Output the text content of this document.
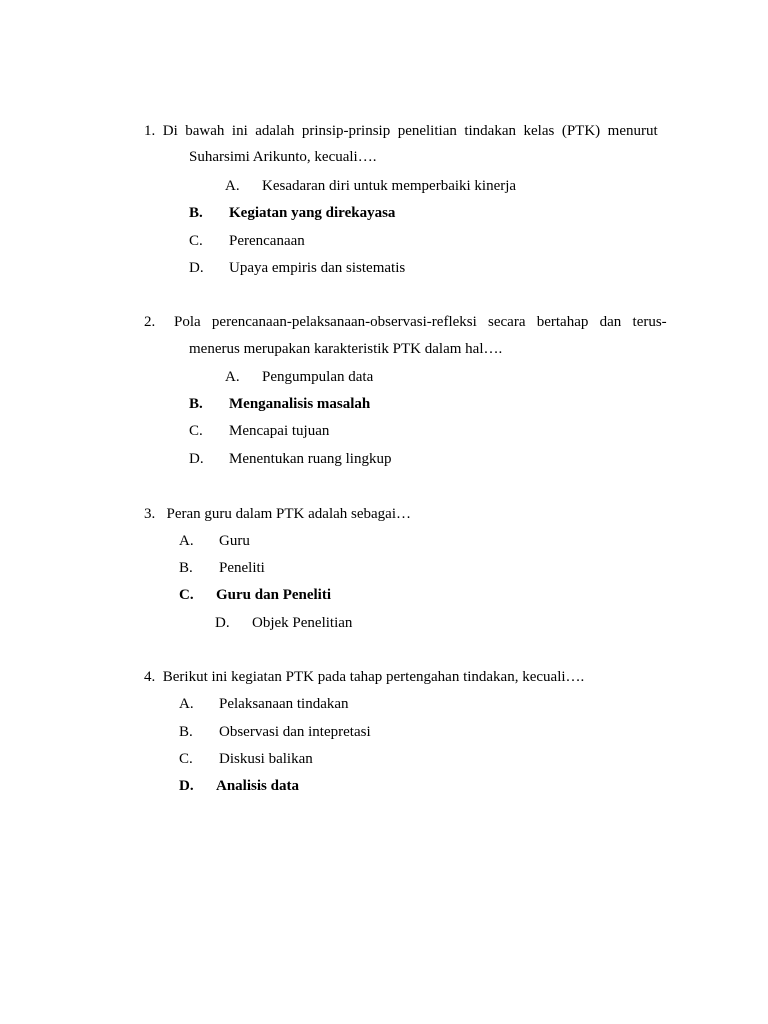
1.  Di  bawah  ini  adalah  prinsip-prinsip  penelitian  tindakan  kelas  (PTK)  menurut
Suharsimi Arikunto, kecuali….
A. Kesadaran diri untuk memperbaiki kinerja
B. Kegiatan yang direkayasa
C. Perencanaan
D. Upaya empiris dan sistematis
2.     Pola   perencanaan-pelaksanaan-observasi-refleksi   secara   bertahap   dan   terus-
menerus merupakan karakteristik PTK dalam hal….
A. Pengumpulan data
B. Menganalisis masalah
C. Mencapai tujuan
D. Menentukan ruang lingkup
3.   Peran guru dalam PTK adalah sebagai…
A. Guru
B. Peneliti
C. Guru dan Peneliti
D. Objek Penelitian
4.  Berikut ini kegiatan PTK pada tahap pertengahan tindakan, kecuali….
A. Pelaksanaan tindakan
B. Observasi dan intepretasi
C. Diskusi balikan
D. Analisis data
